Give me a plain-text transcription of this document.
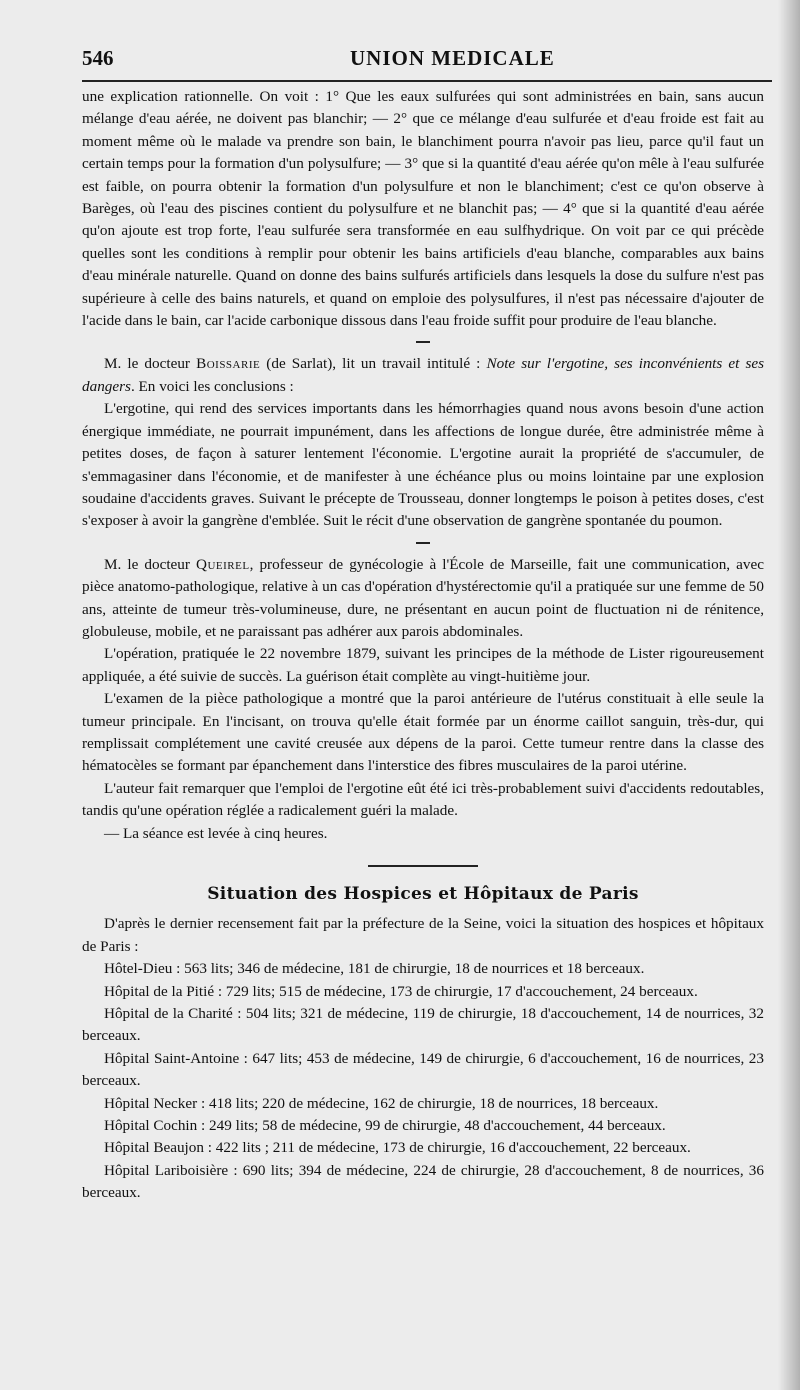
546	UNION MEDICALE

une explication rationnelle. On voit : 1° Que les eaux sulfurées qui sont administrées en bain, sans aucun mélange d'eau aérée, ne doivent pas blanchir; — 2° que ce mélange d'eau sulfurée et d'eau froide est fait au moment même où le malade va prendre son bain, le blanchiment pourra n'avoir pas lieu, parce qu'il faut un certain temps pour la formation d'un polysulfure; — 3° que si la quantité d'eau aérée qu'on mêle à l'eau sulfurée est faible, on pourra obtenir la formation d'un polysulfure et non le blanchiment; c'est ce qu'on observe à Barèges, où l'eau des piscines contient du polysulfure et ne blanchit pas; — 4° que si la quantité d'eau aérée qu'on ajoute est trop forte, l'eau sulfurée sera transformée en eau sulfhydrique. On voit par ce qui précède quelles sont les conditions à remplir pour obtenir les bains artificiels d'eau blanche, comparables aux bains d'eau minérale naturelle. Quand on donne des bains sulfurés artificiels dans lesquels la dose du sulfure n'est pas supérieure à celle des bains naturels, et quand on emploie des polysulfures, il n'est pas nécessaire d'ajouter de l'acide dans le bain, car l'acide carbonique dissous dans l'eau froide suffit pour produire de l'eau blanche.

M. le docteur Boissarie (de Sarlat), lit un travail intitulé : Note sur l'ergotine, ses inconvénients et ses dangers. En voici les conclusions :

L'ergotine, qui rend des services importants dans les hémorrhagies quand nous avons besoin d'une action énergique immédiate, ne pourrait impunément, dans les affections de longue durée, être administrée même à petites doses, de façon à saturer lentement l'économie. L'ergotine aurait la propriété de s'accumuler, de s'emmagasiner dans l'économie, et de manifester à une échéance plus ou moins lointaine par une explosion soudaine d'accidents graves. Suivant le précepte de Trousseau, donner longtemps le poison à petites doses, c'est s'exposer à avoir la gangrène d'emblée. Suit le récit d'une observation de gangrène spontanée du poumon.

M. le docteur Queirel, professeur de gynécologie à l'École de Marseille, fait une communication, avec pièce anatomo-pathologique, relative à un cas d'opération d'hystérectomie qu'il a pratiquée sur une femme de 50 ans, atteinte de tumeur très-volumineuse, dure, ne présentant en aucun point de fluctuation ni de rénitence, globuleuse, mobile, et ne paraissant pas adhérer aux parois abdominales.

L'opération, pratiquée le 22 novembre 1879, suivant les principes de la méthode de Lister rigoureusement appliquée, a été suivie de succès. La guérison était complète au vingt-huitième jour.

L'examen de la pièce pathologique a montré que la paroi antérieure de l'utérus constituait à elle seule la tumeur principale. En l'incisant, on trouva qu'elle était formée par un énorme caillot sanguin, très-dur, qui remplissait complétement une cavité creusée aux dépens de la paroi. Cette tumeur rentre dans la classe des hématocèles se formant par épanchement dans l'interstice des fibres musculaires de la paroi utérine.

L'auteur fait remarquer que l'emploi de l'ergotine eût été ici très-probablement suivi d'accidents redoutables, tandis qu'une opération réglée a radicalement guéri la malade.

— La séance est levée à cinq heures.

Situation des Hospices et Hôpitaux de Paris

D'après le dernier recensement fait par la préfecture de la Seine, voici la situation des hospices et hôpitaux de Paris :

Hôtel-Dieu : 563 lits; 346 de médecine, 181 de chirurgie, 18 de nourrices et 18 berceaux.

Hôpital de la Pitié : 729 lits; 515 de médecine, 173 de chirurgie, 17 d'accouchement, 24 berceaux.

Hôpital de la Charité : 504 lits; 321 de médecine, 119 de chirurgie, 18 d'accouchement, 14 de nourrices, 32 berceaux.

Hôpital Saint-Antoine : 647 lits; 453 de médecine, 149 de chirurgie, 6 d'accouchement, 16 de nourrices, 23 berceaux.

Hôpital Necker : 418 lits; 220 de médecine, 162 de chirurgie, 18 de nourrices, 18 berceaux.

Hôpital Cochin : 249 lits; 58 de médecine, 99 de chirurgie, 48 d'accouchement, 44 berceaux.

Hôpital Beaujon : 422 lits ; 211 de médecine, 173 de chirurgie, 16 d'accouchement, 22 berceaux.

Hôpital Lariboisière : 690 lits; 394 de médecine, 224 de chirurgie, 28 d'accouchement, 8 de nourrices, 36 berceaux.
